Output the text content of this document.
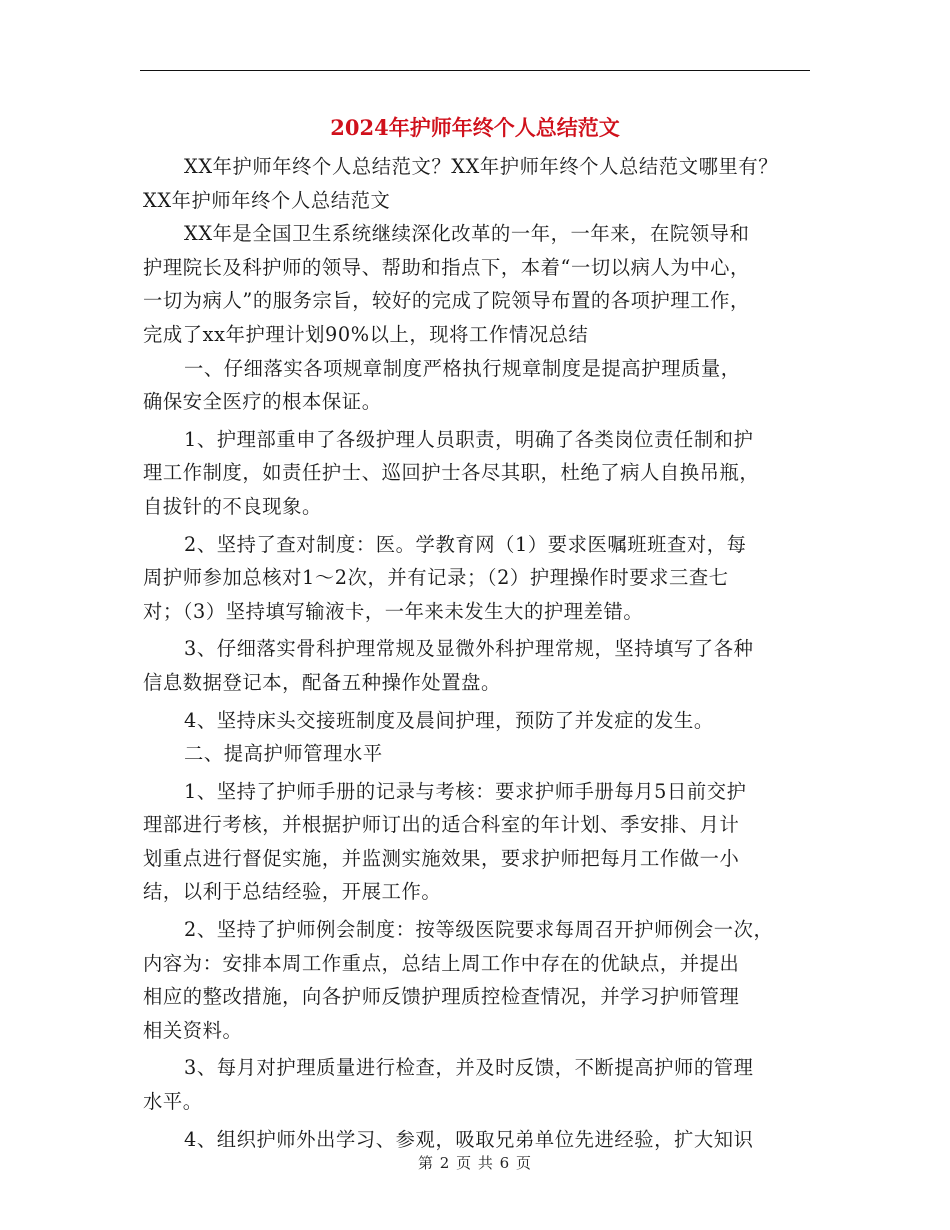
2024年护师年终个人总结范文
XX年护师年终个人总结范文？XX年护师年终个人总结范文哪里有？
XX年护师年终个人总结范文
XX年是全国卫生系统继续深化改革的一年，一年来，在院领导和
护理院长及科护师的领导、帮助和指点下，本着“一切以病人为中心，
一切为病人”的服务宗旨，较好的完成了院领导布置的各项护理工作，
完成了xx年护理计划90%以上，现将工作情况总结
一、仔细落实各项规章制度严格执行规章制度是提高护理质量，
确保安全医疗的根本保证。
1、护理部重申了各级护理人员职责，明确了各类岗位责任制和护
理工作制度，如责任护士、巡回护士各尽其职，杜绝了病人自换吊瓶，
自拔针的不良现象。
2、坚持了查对制度：医。学教育网（1）要求医嘱班班查对，每
周护师参加总核对1～2次，并有记录；（2）护理操作时要求三查七
对；（3）坚持填写输液卡，一年来未发生大的护理差错。
3、仔细落实骨科护理常规及显微外科护理常规，坚持填写了各种
信息数据登记本，配备五种操作处置盘。
4、坚持床头交接班制度及晨间护理，预防了并发症的发生。
二、提高护师管理水平
1、坚持了护师手册的记录与考核：要求护师手册每月5日前交护
理部进行考核，并根据护师订出的适合科室的年计划、季安排、月计
划重点进行督促实施，并监测实施效果，要求护师把每月工作做一小
结，以利于总结经验，开展工作。
2、坚持了护师例会制度：按等级医院要求每周召开护师例会一次，
内容为：安排本周工作重点，总结上周工作中存在的优缺点，并提出
相应的整改措施，向各护师反馈护理质控检查情况，并学习护师管理
相关资料。
3、每月对护理质量进行检查，并及时反馈，不断提高护师的管理
水平。
4、组织护师外出学习、参观，吸取兄弟单位先进经验，扩大知识
第 2 页 共 6 页
